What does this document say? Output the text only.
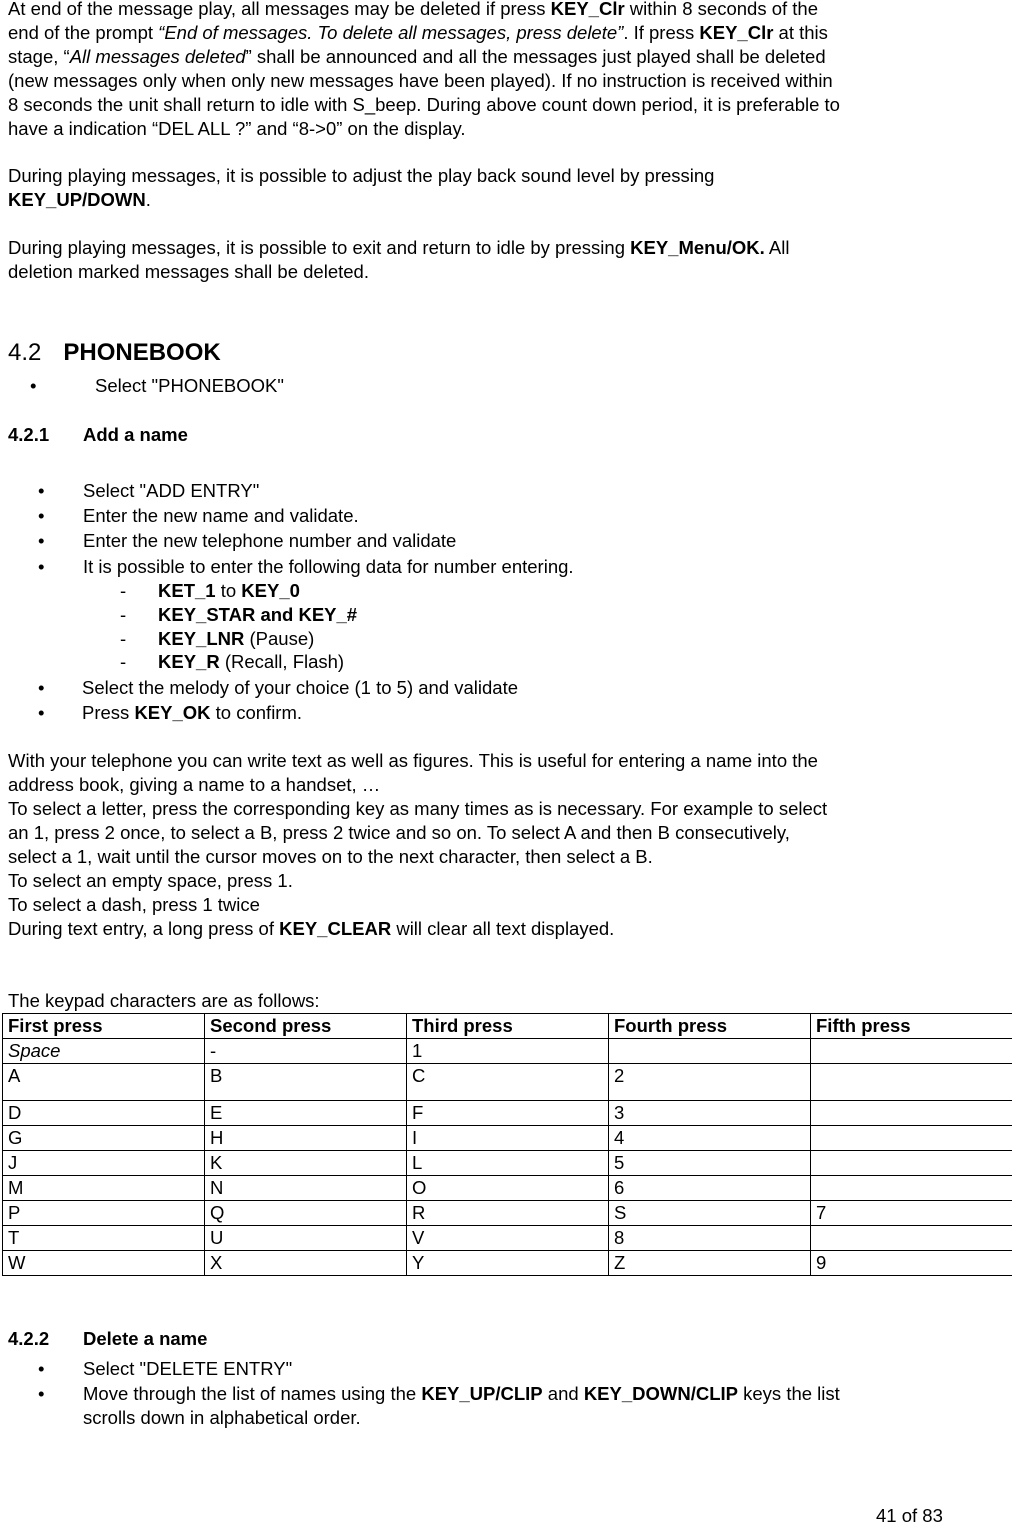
At end of the message play, all messages may be deleted if press KEY_Clr within 8 seconds of the
end of the prompt “End of messages. To delete all messages, press delete”. If press KEY_Clr at this
stage, “All messages deleted” shall be announced and all the messages just played shall be deleted
(new messages only when only new messages have been played). If no instruction is received within
8 seconds the unit shall return to idle with S_beep. During above count down period, it is preferable to
have a indication “DEL ALL ?” and “8->0” on the display.
During playing messages, it is possible to adjust the play back sound level by pressing
KEY_UP/DOWN.
During playing messages, it is possible to exit and return to idle by pressing KEY_Menu/OK. All
deletion marked messages shall be deleted.
4.2 PHONEBOOK
•	Select "PHONEBOOK"
4.2.1 Add a name
• Select "ADD ENTRY"
• Enter the new name and validate.
• Enter the new telephone number and validate
• It is possible to enter the following data for number entering.
- KET_1 to KEY_0
- KEY_STAR and KEY_#
- KEY_LNR (Pause)
- KEY_R (Recall, Flash)
• Select the melody of your choice (1 to 5) and validate
• Press KEY_OK to confirm.
With your telephone you can write text as well as figures. This is useful for entering a name into the
address book, giving a name to a handset, …
To select a letter, press the corresponding key as many times as is necessary. For example to select
an 1, press 2 once, to select a B, press 2 twice and so on. To select A and then B consecutively,
select a 1, wait until the cursor moves on to the next character, then select a B.
To select an empty space, press 1.
To select a dash, press 1 twice
During text entry, a long press of KEY_CLEAR will clear all text displayed.
The keypad characters are as follows:
First press	Second press	Third press	Fourth press	Fifth press
Space	-	1		
A	B	C	2	
D	E	F	3	
G	H	I	4	
J	K	L	5	
M	N	O	6	
P	Q	R	S	7
T	U	V	8	
W	X	Y	Z	9
4.2.2 Delete a name
• Select "DELETE ENTRY"
• Move through the list of names using the KEY_UP/CLIP and KEY_DOWN/CLIP keys the list
scrolls down in alphabetical order.
41 of 83
